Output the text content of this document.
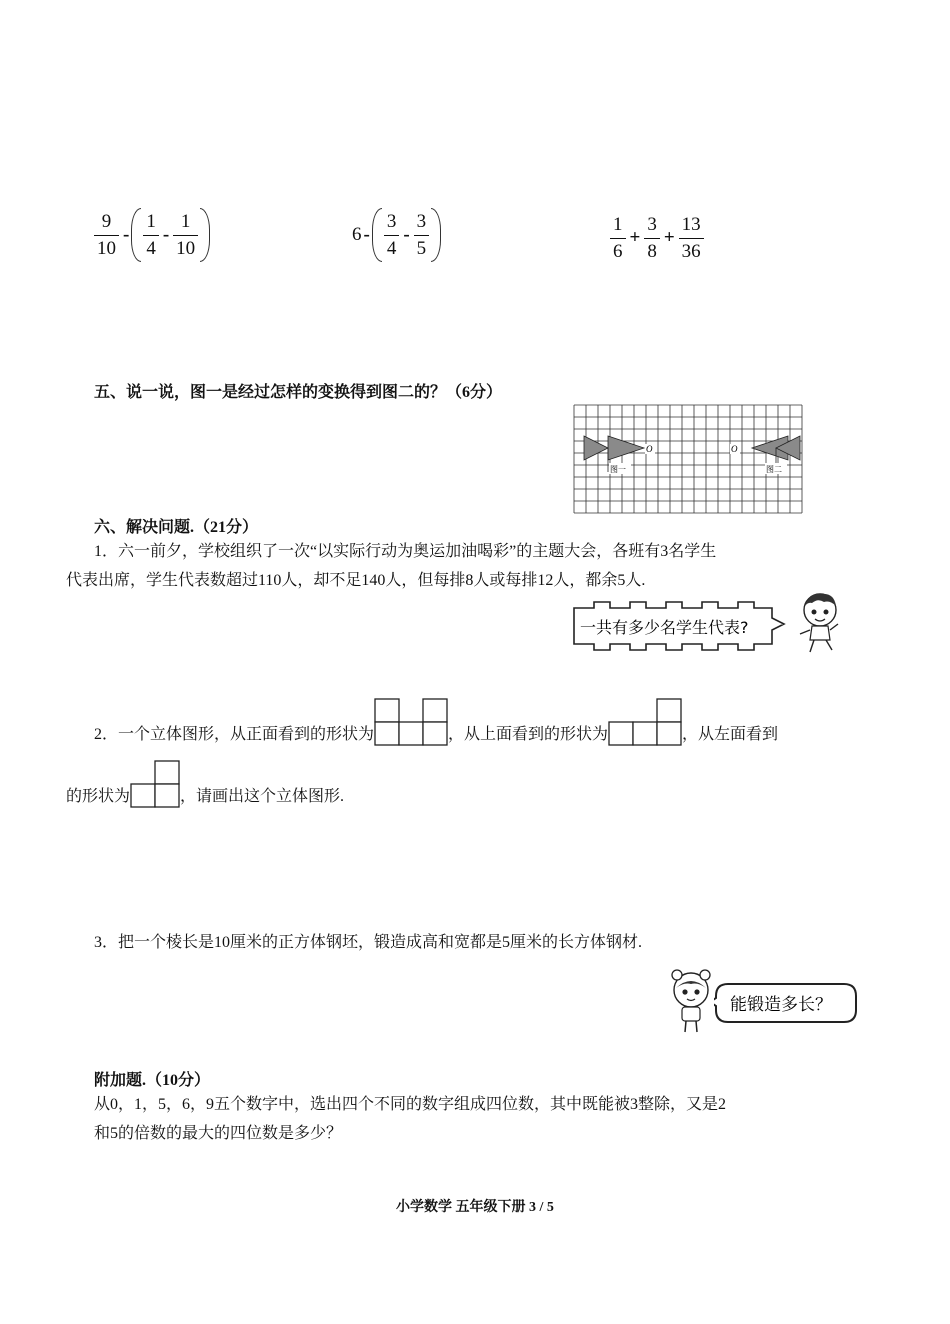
$\frac{9}{10} - \frac{1}{4} - \frac{1}{10}$	$6 - \frac{3}{4} - \frac{3}{5}$	$\frac{1}{6} + \frac{3}{8} + \frac{13}{36}$
五、说一说，图一是经过怎样的变换得到图二的？（6分）
O	O
图一	图二
六、解决问题.（21分）
1．六一前夕，学校组织了一次“以实际行动为奥运加油喝彩”的主题大会，各班有3名学生
代表出席，学生代表数超过110人，却不足140人，但每排8人或每排12人，都余5人.
一共有多少名学生代表?
2．一个立体图形，从正面看到的形状为	，从上面看到的形状为	，从左面看到
的形状为	，请画出这个立体图形.
3．把一个棱长是10厘米的正方体钢坯，锻造成高和宽都是5厘米的长方体钢材.
能锻造多长？
附加题.（10分）
从0，1，5，6，9五个数字中，选出四个不同的数字组成四位数，其中既能被3整除，又是2
和5的倍数的最大的四位数是多少？
小学数学 五年级下册 3 / 5
